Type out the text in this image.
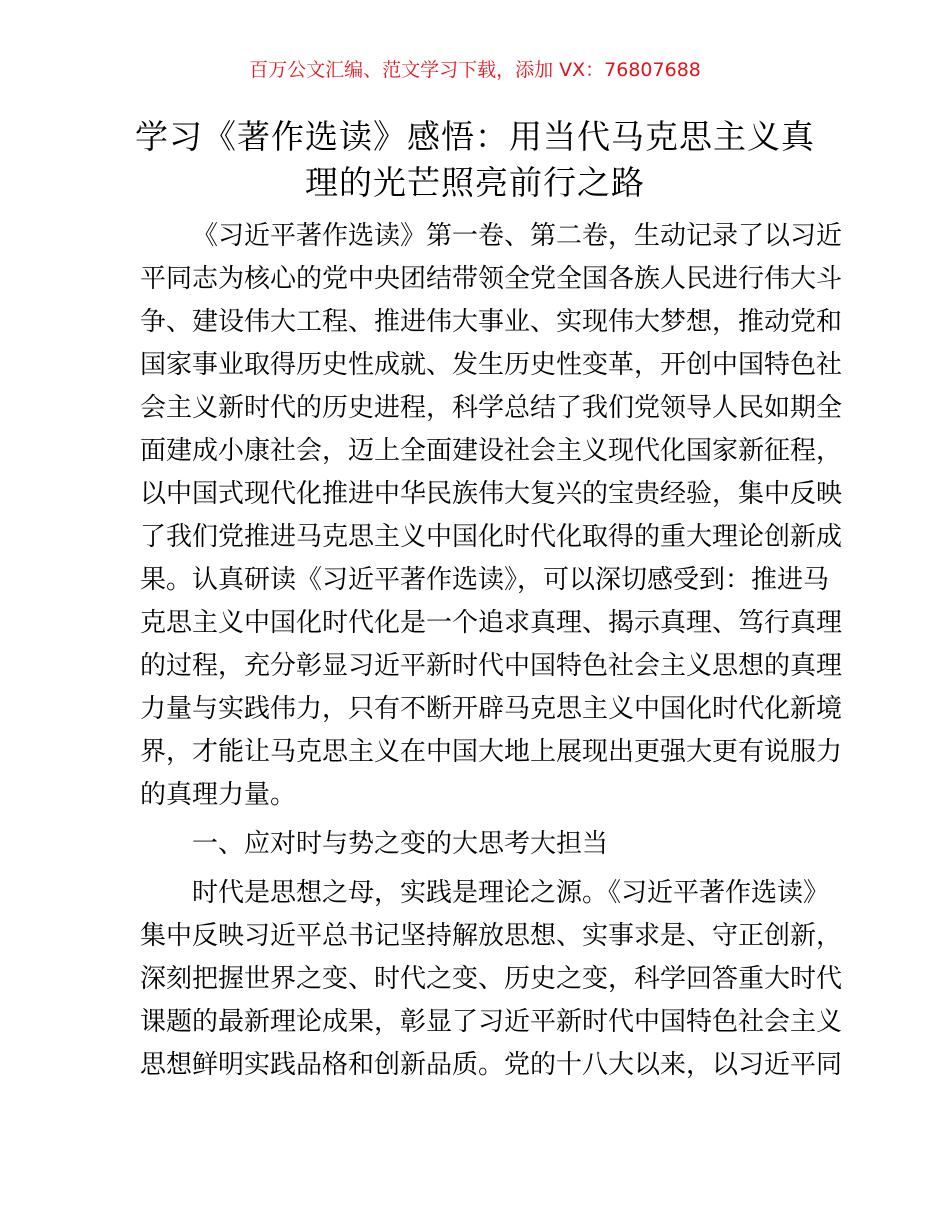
百万公文汇编、范文学习下载，添加 VX：76807688
学习《著作选读》感悟：用当代马克思主义真
理的光芒照亮前行之路
《习近平著作选读》第一卷、第二卷，生动记录了以习近
平同志为核心的党中央团结带领全党全国各族人民进行伟大斗
争、建设伟大工程、推进伟大事业、实现伟大梦想，推动党和
国家事业取得历史性成就、发生历史性变革，开创中国特色社
会主义新时代的历史进程，科学总结了我们党领导人民如期全
面建成小康社会，迈上全面建设社会主义现代化国家新征程，
以中国式现代化推进中华民族伟大复兴的宝贵经验，集中反映
了我们党推进马克思主义中国化时代化取得的重大理论创新成
果。认真研读《习近平著作选读》，可以深切感受到：推进马
克思主义中国化时代化是一个追求真理、揭示真理、笃行真理
的过程，充分彰显习近平新时代中国特色社会主义思想的真理
力量与实践伟力，只有不断开辟马克思主义中国化时代化新境
界，才能让马克思主义在中国大地上展现出更强大更有说服力
的真理力量。
一、应对时与势之变的大思考大担当
时代是思想之母，实践是理论之源。《习近平著作选读》
集中反映习近平总书记坚持解放思想、实事求是、守正创新，
深刻把握世界之变、时代之变、历史之变，科学回答重大时代
课题的最新理论成果，彰显了习近平新时代中国特色社会主义
思想鲜明实践品格和创新品质。党的十八大以来，以习近平同
